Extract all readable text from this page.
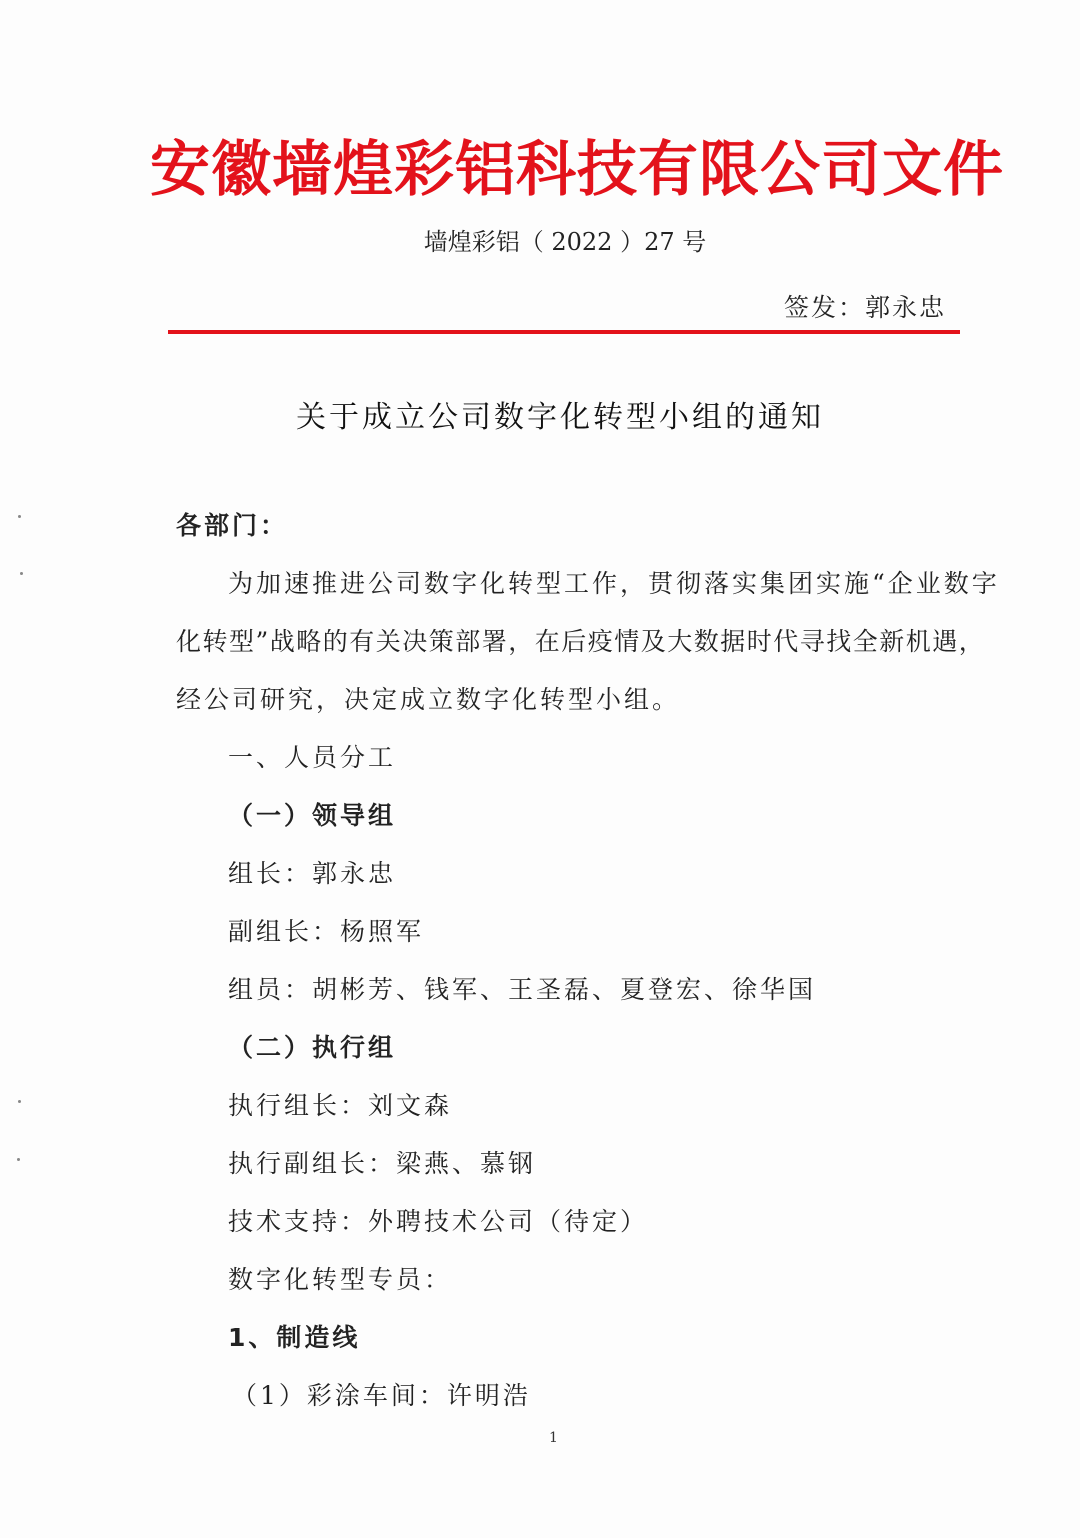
安徽墙煌彩铝科技有限公司文件
墙煌彩铝（ 2022 ）27 号
签发：郭永忠
关于成立公司数字化转型小组的通知
各部门：
为加速推进公司数字化转型工作，贯彻落实集团实施“企业数字
化转型”战略的有关决策部署，在后疫情及大数据时代寻找全新机遇，
经公司研究，决定成立数字化转型小组。
一、人员分工
（一）领导组
组长：郭永忠
副组长：杨照军
组员：胡彬芳、钱军、王圣磊、夏登宏、徐华国
（二）执行组
执行组长：刘文森
执行副组长：梁燕、慕钢
技术支持：外聘技术公司（待定）
数字化转型专员：
1、制造线
（1）彩涂车间：许明浩
1
